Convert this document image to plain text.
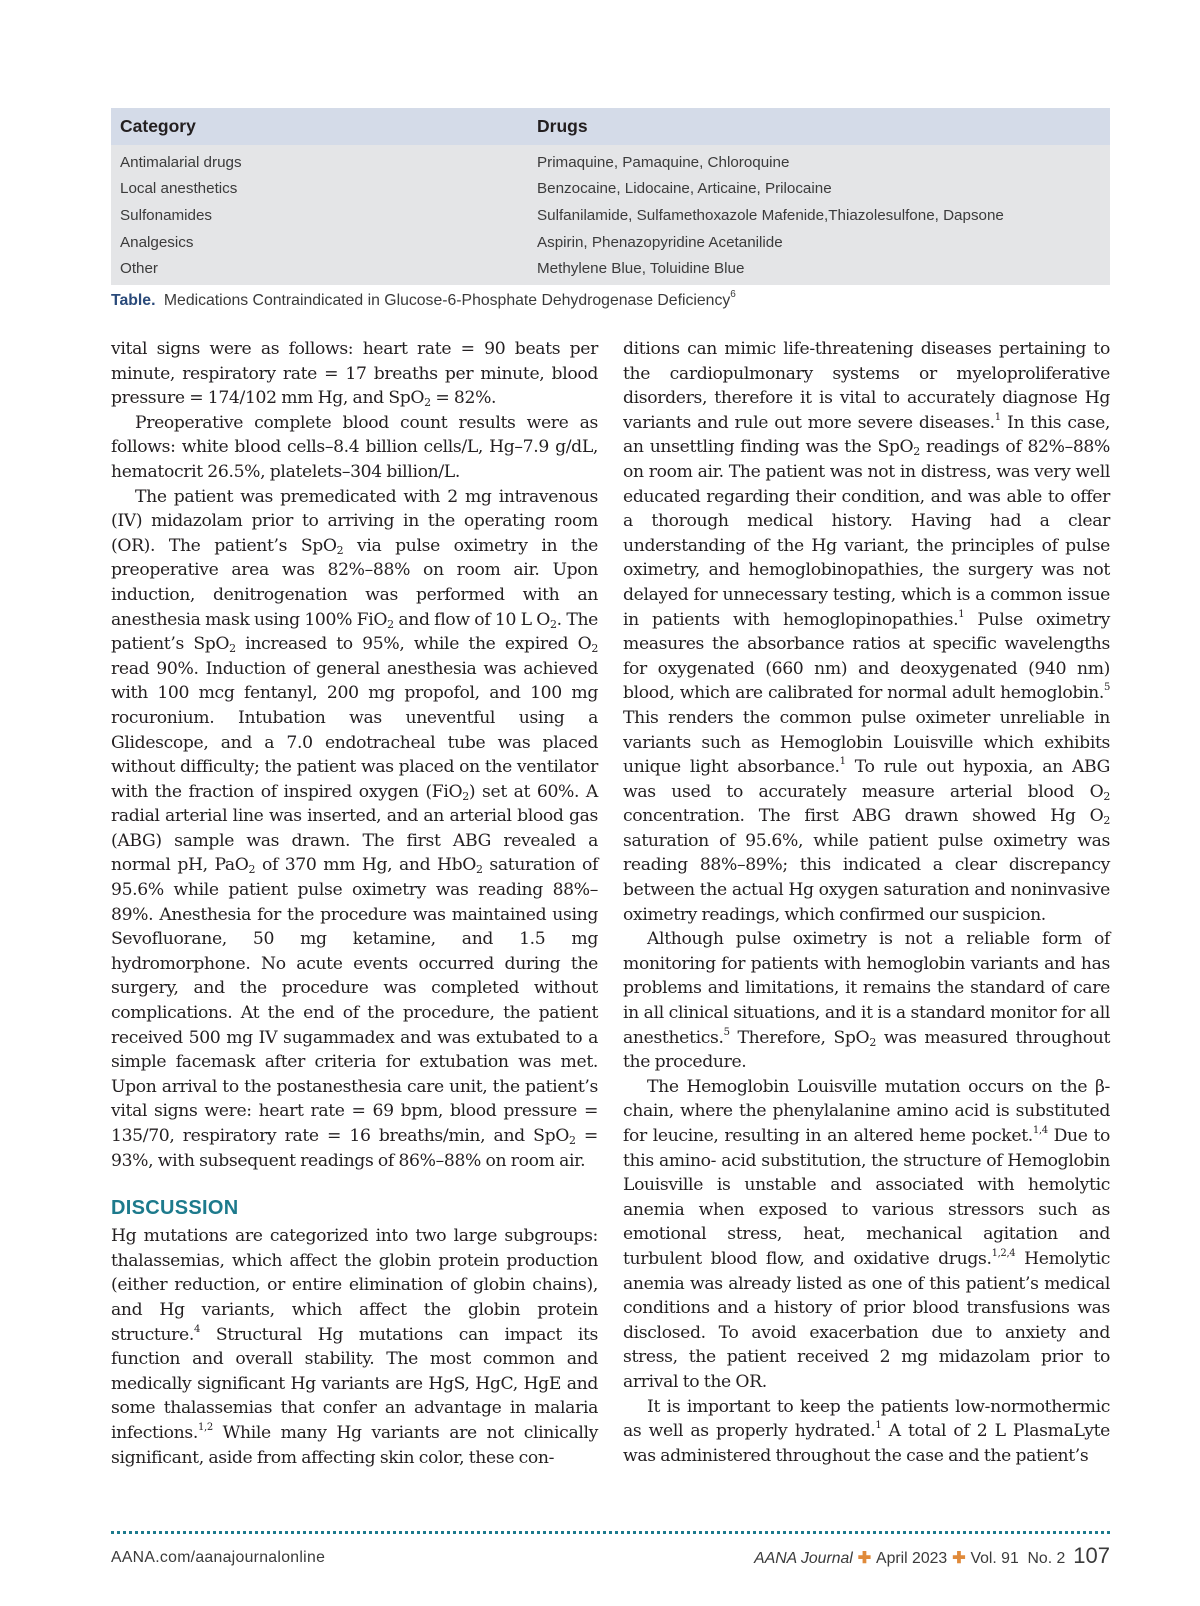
Category	Drugs
Antimalarial drugs	Primaquine, Pamaquine, Chloroquine
Local anesthetics	Benzocaine, Lidocaine, Articaine, Prilocaine
Sulfonamides	Sulfanilamide, Sulfamethoxazole Mafenide,Thiazolesulfone, Dapsone
Analgesics	Aspirin, Phenazopyridine Acetanilide
Other	Methylene Blue, Toluidine Blue
Table. Medications Contraindicated in Glucose-6-Phosphate Dehydrogenase Deficiency$^6$

vital signs were as follows: heart rate = 90 beats per minute, respiratory rate = 17 breaths per minute, blood pressure = 174/102 mm Hg, and SpO$_2$ = 82%.

Preoperative complete blood count results were as follows: white blood cells–8.4 billion cells/L, Hg–7.9 g/dL, hematocrit 26.5%, platelets–304 billion/L.

The patient was premedicated with 2 mg intravenous (IV) midazolam prior to arriving in the operating room (OR). The patient’s SpO$_2$ via pulse oximetry in the preoperative area was 82%–88% on room air. Upon induction, denitrogenation was performed with an anesthesia mask using 100% FiO$_2$ and flow of 10 L $O_2$. The patient’s SpO$_2$ increased to 95%, while the expired $O_2$ read 90%. Induction of general anesthesia was achieved with 100 mcg fentanyl, 200 mg propofol, and 100 mg rocuronium. Intubation was uneventful using a Glidescope, and a 7.0 endotracheal tube was placed without difficulty; the patient was placed on the ventilator with the fraction of inspired oxygen (FiO$_2$) set at 60%. A radial arterial line was inserted, and an arterial blood gas (ABG) sample was drawn. The first ABG revealed a normal pH, PaO$_2$ of 370 mm Hg, and HbO$_2$ saturation of 95.6% while patient pulse oximetry was reading 88%–89%. Anesthesia for the procedure was maintained using Sevofluorane, 50 mg ketamine, and 1.5 mg hydromorphone. No acute events occurred during the surgery, and the procedure was completed without complications. At the end of the procedure, the patient received 500 mg IV sugammadex and was extubated to a simple facemask after criteria for extubation was met. Upon arrival to the postanesthesia care unit, the patient’s vital signs were: heart rate = 69 bpm, blood pressure = 135/70, respiratory rate = 16 breaths/min, and SpO$_2$ = 93%, with subsequent readings of 86%–88% on room air.

DISCUSSION

Hg mutations are categorized into two large subgroups: thalassemias, which affect the globin protein production (either reduction, or entire elimination of globin chains), and Hg variants, which affect the globin protein structure.$^4$ Structural Hg mutations can impact its function and overall stability. The most common and medically significant Hg variants are HgS, HgC, HgE and some thalassemias that confer an advantage in malaria infections.$^{1,2}$ While many Hg variants are not clinically significant, aside from affecting skin color, these con-

ditions can mimic life-threatening diseases pertaining to the cardiopulmonary systems or myeloproliferative disorders, therefore it is vital to accurately diagnose Hg variants and rule out more severe diseases.$^1$ In this case, an unsettling finding was the SpO$_2$ readings of 82%–88% on room air. The patient was not in distress, was very well educated regarding their condition, and was able to offer a thorough medical history. Having had a clear understanding of the Hg variant, the principles of pulse oximetry, and hemoglobinopathies, the surgery was not delayed for unnecessary testing, which is a common issue in patients with hemoglopinopathies.$^1$ Pulse oximetry measures the absorbance ratios at specific wavelengths for oxygenated (660 nm) and deoxygenated (940 nm) blood, which are calibrated for normal adult hemoglobin.$^5$ This renders the common pulse oximeter unreliable in variants such as Hemoglobin Louisville which exhibits unique light absorbance.$^1$ To rule out hypoxia, an ABG was used to accurately measure arterial blood $O_2$ concentration. The first ABG drawn showed Hg $O_2$ saturation of 95.6%, while patient pulse oximetry was reading 88%–89%; this indicated a clear discrepancy between the actual Hg oxygen saturation and noninvasive oximetry readings, which confirmed our suspicion.

Although pulse oximetry is not a reliable form of monitoring for patients with hemoglobin variants and has problems and limitations, it remains the standard of care in all clinical situations, and it is a standard monitor for all anesthetics.$^5$ Therefore, SpO$_2$ was measured throughout the procedure.

The Hemoglobin Louisville mutation occurs on the β-chain, where the phenylalanine amino acid is substituted for leucine, resulting in an altered heme pocket.$^{1,4}$ Due to this amino- acid substitution, the structure of Hemoglobin Louisville is unstable and associated with hemolytic anemia when exposed to various stressors such as emotional stress, heat, mechanical agitation and turbulent blood flow, and oxidative drugs.$^{1,2,4}$ Hemolytic anemia was already listed as one of this patient’s medical conditions and a history of prior blood transfusions was disclosed. To avoid exacerbation due to anxiety and stress, the patient received 2 mg midazolam prior to arrival to the OR.

It is important to keep the patients low-normothermic as well as properly hydrated.$^1$ A total of 2 L PlasmaLyte was administered throughout the case and the patient’s

AANA.com/aanajournalonline	AANA Journal ✚ April 2023 ✚ Vol. 91  No. 2 107
